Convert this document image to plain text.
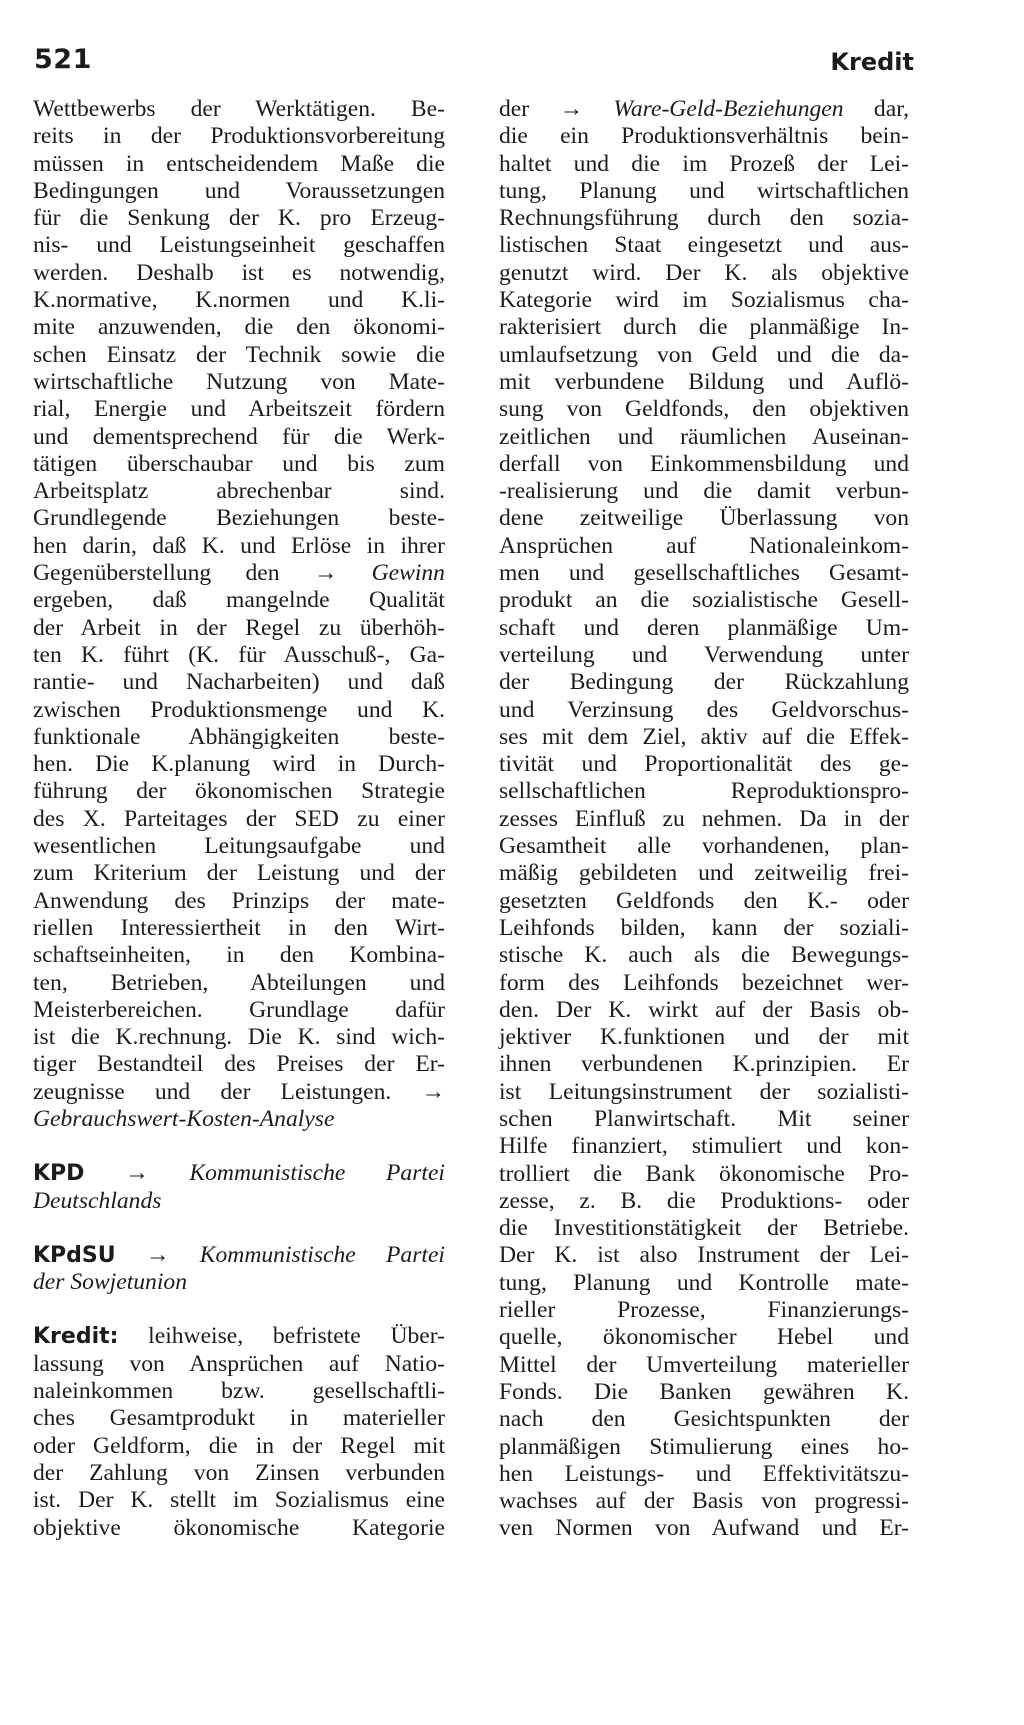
521	Kredit
Wettbewerbs der Werktätigen. Be-
reits in der Produktionsvorbereitung
müssen in entscheidendem Maße die
Bedingungen und Voraussetzungen
für die Senkung der K. pro Erzeug-
nis- und Leistungseinheit geschaffen
werden. Deshalb ist es notwendig,
K.normative, K.normen und K.li-
mite anzuwenden, die den ökonomi-
schen Einsatz der Technik sowie die
wirtschaftliche Nutzung von Mate-
rial, Energie und Arbeitszeit fördern
und dementsprechend für die Werk-
tätigen überschaubar und bis zum
Arbeitsplatz abrechenbar sind.
Grundlegende Beziehungen beste-
hen darin, daß K. und Erlöse in ihrer
Gegenüberstellung den → Gewinn
ergeben, daß mangelnde Qualität
der Arbeit in der Regel zu überhöh-
ten K. führt (K. für Ausschuß-, Ga-
rantie- und Nacharbeiten) und daß
zwischen Produktionsmenge und K.
funktionale Abhängigkeiten beste-
hen. Die K.planung wird in Durch-
führung der ökonomischen Strategie
des X. Parteitages der SED zu einer
wesentlichen Leitungsaufgabe und
zum Kriterium der Leistung und der
Anwendung des Prinzips der mate-
riellen Interessiertheit in den Wirt-
schaftseinheiten, in den Kombina-
ten, Betrieben, Abteilungen und
Meisterbereichen. Grundlage dafür
ist die K.rechnung. Die K. sind wich-
tiger Bestandteil des Preises der Er-
zeugnisse und der Leistungen. →
Gebrauchswert-Kosten-Analyse
KPD → Kommunistische Partei
Deutschlands
KPdSU → Kommunistische Partei
der Sowjetunion
Kredit: leihweise, befristete Über-
lassung von Ansprüchen auf Natio-
naleinkommen bzw. gesellschaftli-
ches Gesamtprodukt in materieller
oder Geldform, die in der Regel mit
der Zahlung von Zinsen verbunden
ist. Der K. stellt im Sozialismus eine
objektive ökonomische Kategorie
der → Ware-Geld-Beziehungen dar,
die ein Produktionsverhältnis bein-
haltet und die im Prozeß der Lei-
tung, Planung und wirtschaftlichen
Rechnungsführung durch den sozia-
listischen Staat eingesetzt und aus-
genutzt wird. Der K. als objektive
Kategorie wird im Sozialismus cha-
rakterisiert durch die planmäßige In-
umlaufsetzung von Geld und die da-
mit verbundene Bildung und Auflö-
sung von Geldfonds, den objektiven
zeitlichen und räumlichen Auseinan-
derfall von Einkommensbildung und
-realisierung und die damit verbun-
dene zeitweilige Überlassung von
Ansprüchen auf Nationaleinkom-
men und gesellschaftliches Gesamt-
produkt an die sozialistische Gesell-
schaft und deren planmäßige Um-
verteilung und Verwendung unter
der Bedingung der Rückzahlung
und Verzinsung des Geldvorschus-
ses mit dem Ziel, aktiv auf die Effek-
tivität und Proportionalität des ge-
sellschaftlichen Reproduktionspro-
zesses Einfluß zu nehmen. Da in der
Gesamtheit alle vorhandenen, plan-
mäßig gebildeten und zeitweilig frei-
gesetzten Geldfonds den K.- oder
Leihfonds bilden, kann der soziali-
stische K. auch als die Bewegungs-
form des Leihfonds bezeichnet wer-
den. Der K. wirkt auf der Basis ob-
jektiver K.funktionen und der mit
ihnen verbundenen K.prinzipien. Er
ist Leitungsinstrument der sozialisti-
schen Planwirtschaft. Mit seiner
Hilfe finanziert, stimuliert und kon-
trolliert die Bank ökonomische Pro-
zesse, z. B. die Produktions- oder
die Investitionstätigkeit der Betriebe.
Der K. ist also Instrument der Lei-
tung, Planung und Kontrolle mate-
rieller Prozesse, Finanzierungs-
quelle, ökonomischer Hebel und
Mittel der Umverteilung materieller
Fonds. Die Banken gewähren K.
nach den Gesichtspunkten der
planmäßigen Stimulierung eines ho-
hen Leistungs- und Effektivitätszu-
wachses auf der Basis von progressi-
ven Normen von Aufwand und Er-
